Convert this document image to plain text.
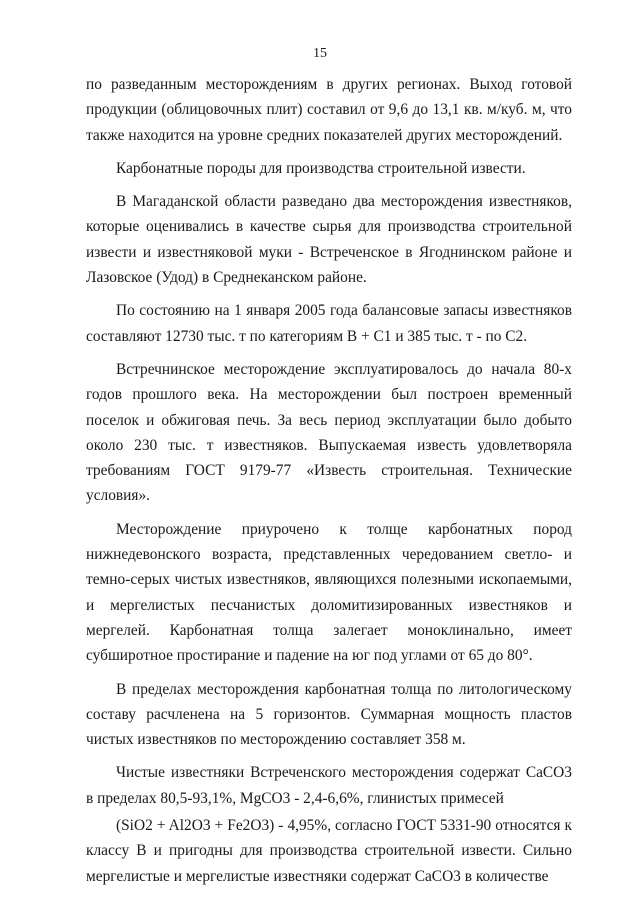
15

по разведанным месторождениям в других регионах. Выход готовой продукции (облицовочных плит) составил от 9,6 до 13,1 кв. м/куб. м, что также находится на уровне средних показателей других месторождений.

Карбонатные породы для производства строительной извести.

В Магаданской области разведано два месторождения известняков, которые оценивались в качестве сырья для производства строительной извести и известняковой муки - Встреченское в Ягоднинском районе и Лазовское (Удод) в Среднеканском районе.

По состоянию на 1 января 2005 года балансовые запасы известняков составляют 12730 тыс. т по категориям В + С1 и 385 тыс. т - по С2.

Встречнинское месторождение эксплуатировалось до начала 80-х годов прошлого века. На месторождении был построен временный поселок и обжиговая печь. За весь период эксплуатации было добыто около 230 тыс. т известняков. Выпускаемая известь удовлетворяла требованиям ГОСТ 9179-77 «Известь строительная. Технические условия».

Месторождение приурочено к толще карбонатных пород нижнедевонского возраста, представленных чередованием светло- и темно-серых чистых известняков, являющихся полезными ископаемыми, и мергелистых песчанистых доломитизированных известняков и мергелей. Карбонатная толща залегает моноклинально, имеет субширотное простирание и падение на юг под углами от 65 до 80°.

В пределах месторождения карбонатная толща по литологическому составу расчленена на 5 горизонтов. Суммарная мощность пластов чистых известняков по месторождению составляет 358 м.

Чистые известняки Встреченского месторождения содержат СаСО3 в пределах 80,5-93,1%, MgCO3 - 2,4-6,6%, глинистых примесей

(SiO2 + Al2O3 + Fe2O3) - 4,95%, согласно ГОСТ 5331-90 относятся к классу В и пригодны для производства строительной извести. Сильно мергелистые и мергелистые известняки содержат СаСО3 в количестве
